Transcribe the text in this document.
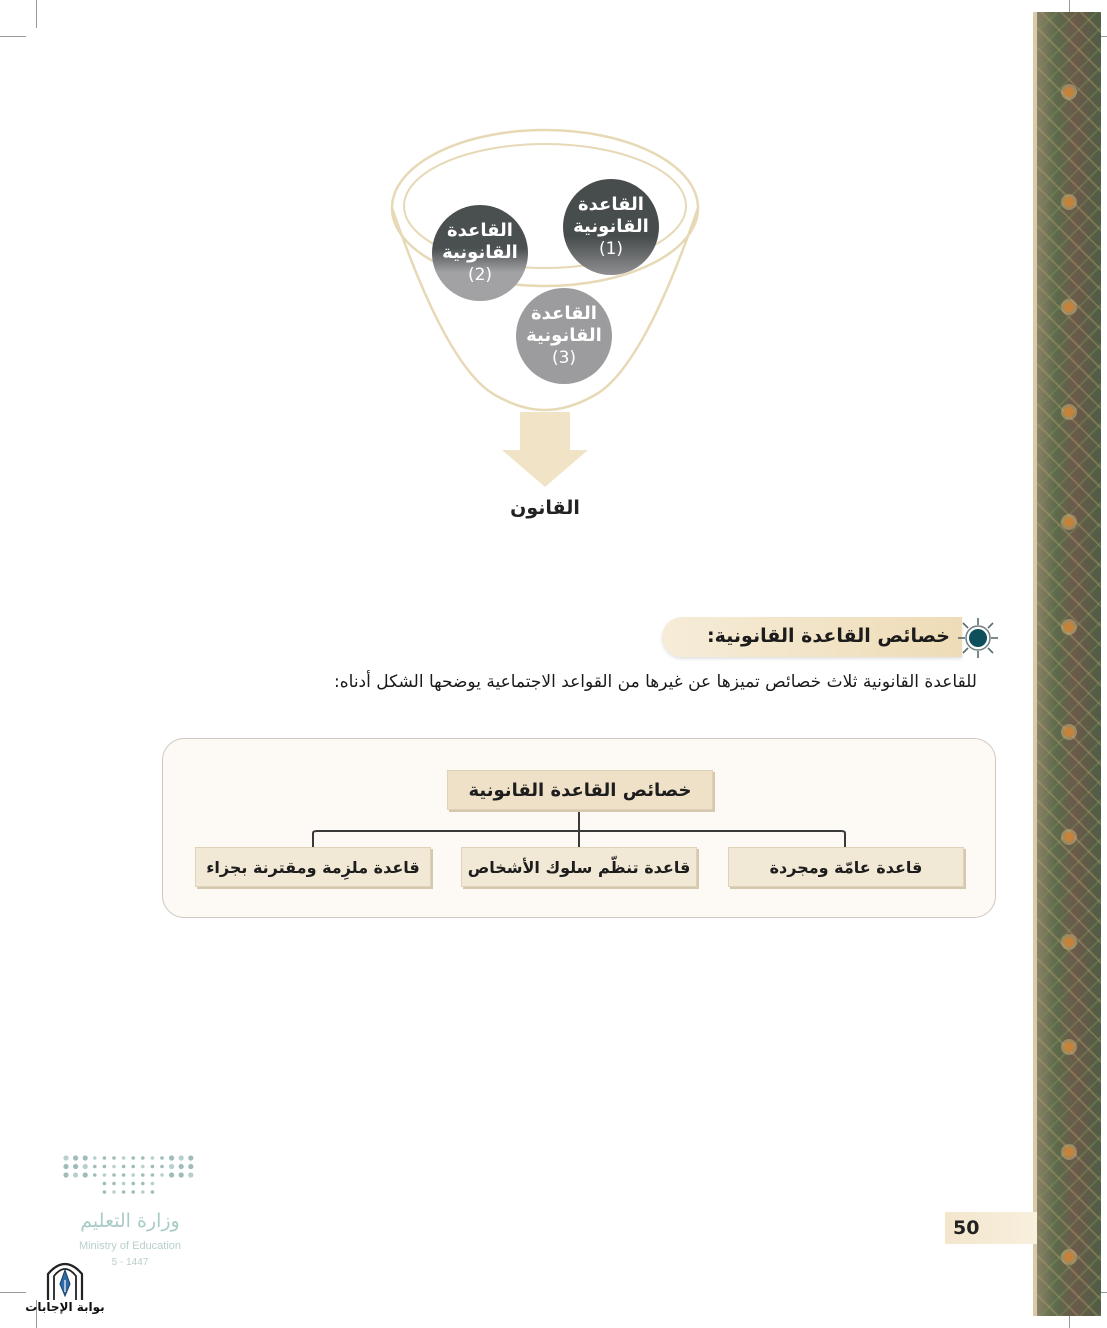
القاعدة
القانونية
(1)
القاعدة
القانونية
(2)
القاعدة
القانونية
(3)
القانون
خصائص القاعدة القانونية:
للقاعدة القانونية ثلاث خصائص تميزها عن غيرها من القواعد الاجتماعية يوضحها الشكل أدناه:
خصائص القاعدة القانونية
قاعدة عامّة ومجردة
قاعدة تنظّم سلوك الأشخاص
قاعدة ملزِمة ومقترنة بجزاء
50
وزارة التعليم
Ministry of Education
5 - 1447
بوابة الإجابات
